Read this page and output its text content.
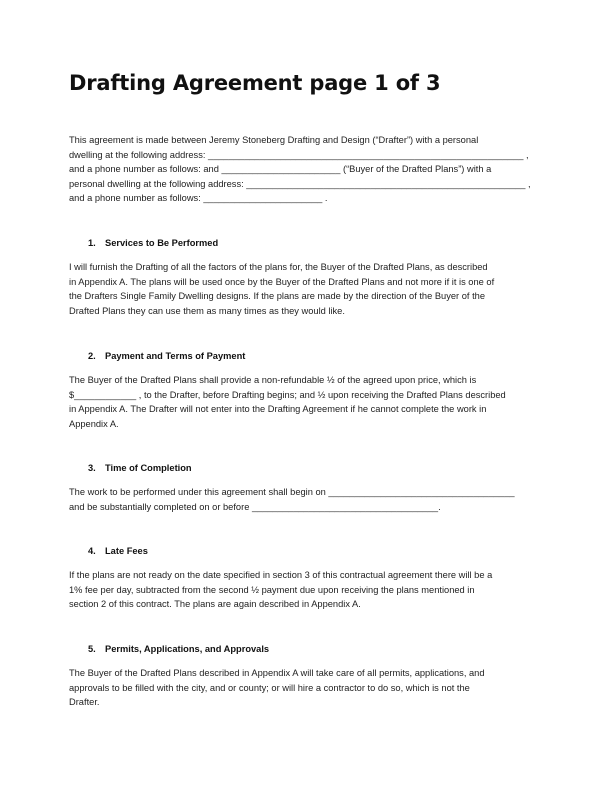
Drafting Agreement page 1 of 3
This agreement is made between Jeremy Stoneberg Drafting and Design (“Drafter”) with a personal
dwelling at the following address: _____________________________________________________________ ,
and a phone number as follows: and _______________________ (“Buyer of the Drafted Plans”) with a
personal dwelling at the following address: ______________________________________________________ ,
and a phone number as follows: _______________________ .
1. Services to Be Performed
I will furnish the Drafting of all the factors of the plans for, the Buyer of the Drafted Plans, as described
in Appendix A. The plans will be used once by the Buyer of the Drafted Plans and not more if it is one of
the Drafters Single Family Dwelling designs. If the plans are made by the direction of the Buyer of the
Drafted Plans they can use them as many times as they would like.
2. Payment and Terms of Payment
The Buyer of the Drafted Plans shall provide a non-refundable ½ of the agreed upon price, which is
$____________ , to the Drafter, before Drafting begins; and ½ upon receiving the Drafted Plans described
in Appendix A. The Drafter will not enter into the Drafting Agreement if he cannot complete the work in
Appendix A.
3. Time of Completion
The work to be performed under this agreement shall begin on ____________________________________
and be substantially completed on or before ____________________________________.
4. Late Fees
If the plans are not ready on the date specified in section 3 of this contractual agreement there will be a
1% fee per day, subtracted from the second ½ payment due upon receiving the plans mentioned in
section 2 of this contract. The plans are again described in Appendix A.
5. Permits, Applications, and Approvals
The Buyer of the Drafted Plans described in Appendix A will take care of all permits, applications, and
approvals to be filled with the city, and or county; or will hire a contractor to do so, which is not the
Drafter.
